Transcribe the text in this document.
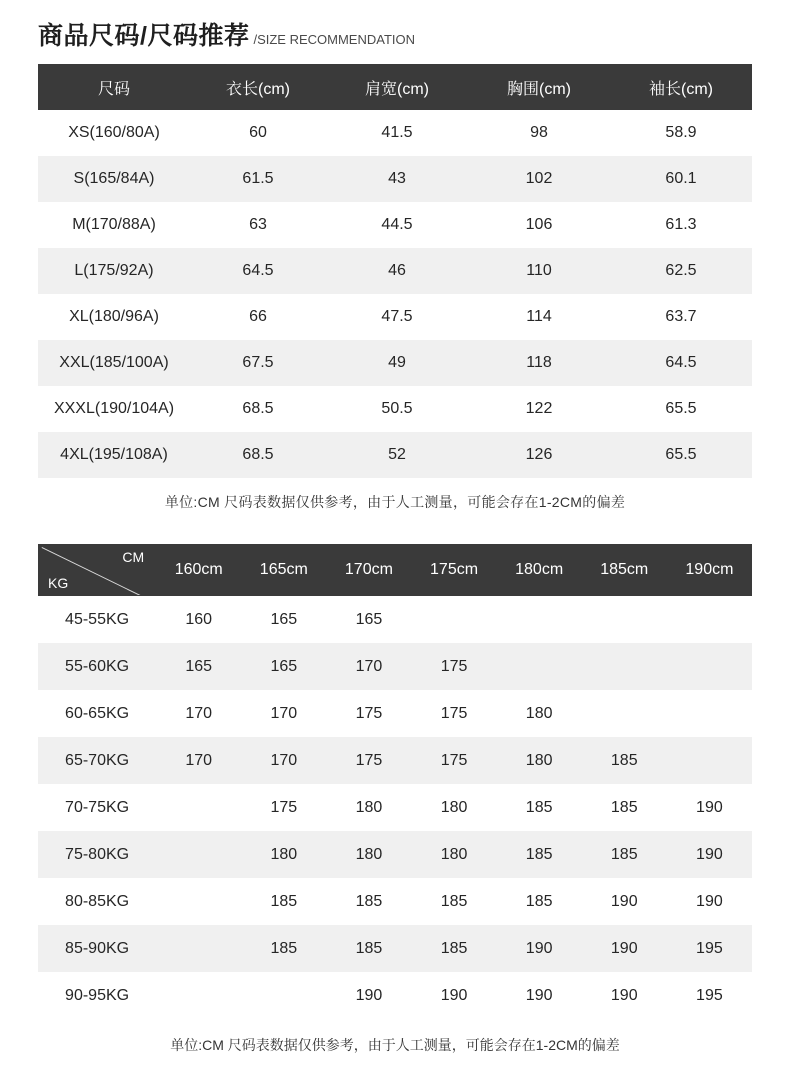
商品尺码/尺码推荐 /SIZE RECOMMENDATION
尺码	衣长(cm)	肩宽(cm)	胸围(cm)	袖长(cm)
XS(160/80A)	60	41.5	98	58.9
S(165/84A)	61.5	43	102	60.1
M(170/88A)	63	44.5	106	61.3
L(175/92A)	64.5	46	110	62.5
XL(180/96A)	66	47.5	114	63.7
XXL(185/100A)	67.5	49	118	64.5
XXXL(190/104A)	68.5	50.5	122	65.5
4XL(195/108A)	68.5	52	126	65.5
单位:CM 尺码表数据仅供参考，由于人工测量，可能会存在1-2CM的偏差
CM
KG	160cm	165cm	170cm	175cm	180cm	185cm	190cm
45-55KG	160	165	165				
55-60KG	165	165	170	175			
60-65KG	170	170	175	175	180		
65-70KG	170	170	175	175	180	185	
70-75KG		175	180	180	185	185	190
75-80KG		180	180	180	185	185	190
80-85KG		185	185	185	185	190	190
85-90KG		185	185	185	190	190	195
90-95KG			190	190	190	190	195
单位:CM 尺码表数据仅供参考，由于人工测量，可能会存在1-2CM的偏差
